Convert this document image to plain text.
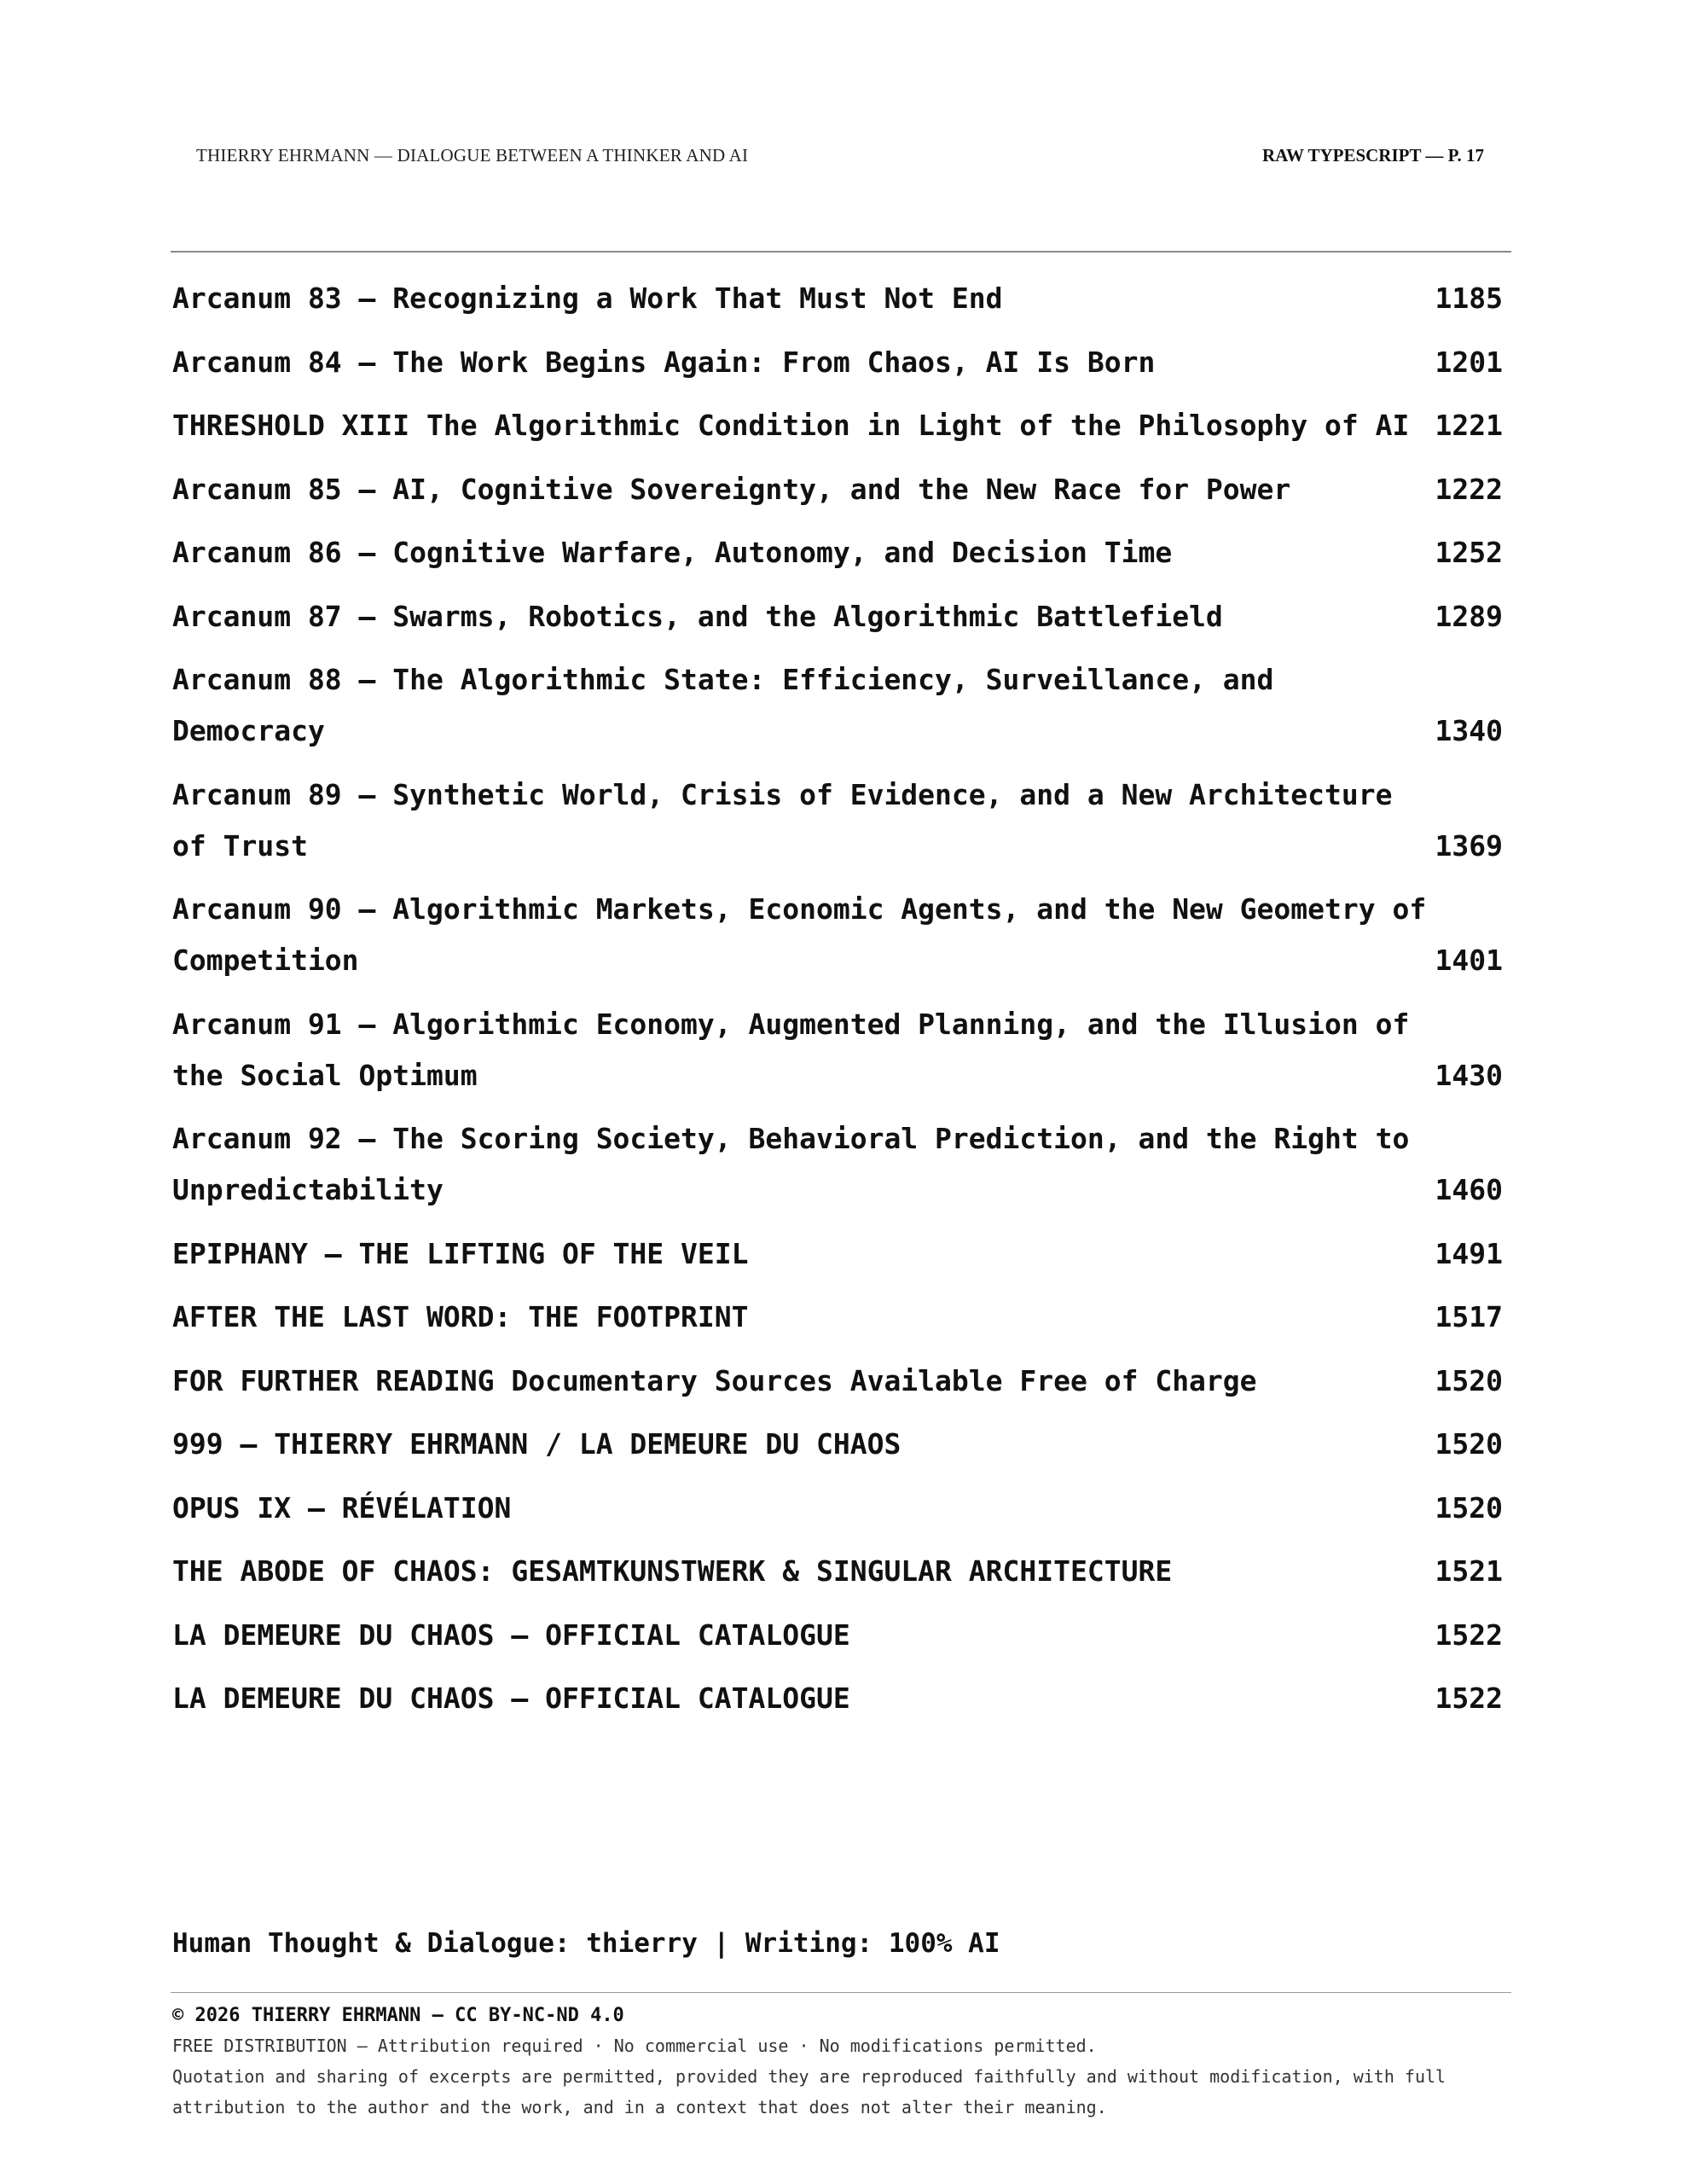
THIERRY EHRMANN — DIALOGUE BETWEEN A THINKER AND AI	RAW TYPESCRIPT — P. 17
Arcanum 83 — Recognizing a Work That Must Not End	1185
Arcanum 84 — The Work Begins Again: From Chaos, AI Is Born	1201
THRESHOLD XIII The Algorithmic Condition in Light of the Philosophy of AI 1221
Arcanum 85 — AI, Cognitive Sovereignty, and the New Race for Power	1222
Arcanum 86 — Cognitive Warfare, Autonomy, and Decision Time	1252
Arcanum 87 — Swarms, Robotics, and the Algorithmic Battlefield	1289
Arcanum 88 — The Algorithmic State: Efficiency, Surveillance, and Democracy	1340
Arcanum 89 — Synthetic World, Crisis of Evidence, and a New Architecture of Trust	1369
Arcanum 90 — Algorithmic Markets, Economic Agents, and the New Geometry of Competition	1401
Arcanum 91 — Algorithmic Economy, Augmented Planning, and the Illusion of the Social Optimum	1430
Arcanum 92 — The Scoring Society, Behavioral Prediction, and the Right to Unpredictability	1460
EPIPHANY — THE LIFTING OF THE VEIL	1491
AFTER THE LAST WORD: THE FOOTPRINT	1517
FOR FURTHER READING Documentary Sources Available Free of Charge	1520
999 — THIERRY EHRMANN / LA DEMEURE DU CHAOS	1520
OPUS IX — RÉVÉLATION	1520
THE ABODE OF CHAOS: GESAMTKUNSTWERK & SINGULAR ARCHITECTURE	1521
LA DEMEURE DU CHAOS — OFFICIAL CATALOGUE	1522
LA DEMEURE DU CHAOS — OFFICIAL CATALOGUE	1522
Human Thought & Dialogue: thierry | Writing: 100% AI
© 2026 THIERRY EHRMANN — CC BY-NC-ND 4.0
FREE DISTRIBUTION — Attribution required · No commercial use · No modifications permitted.
Quotation and sharing of excerpts are permitted, provided they are reproduced faithfully and without modification, with full attribution to the author and the work, and in a context that does not alter their meaning.
